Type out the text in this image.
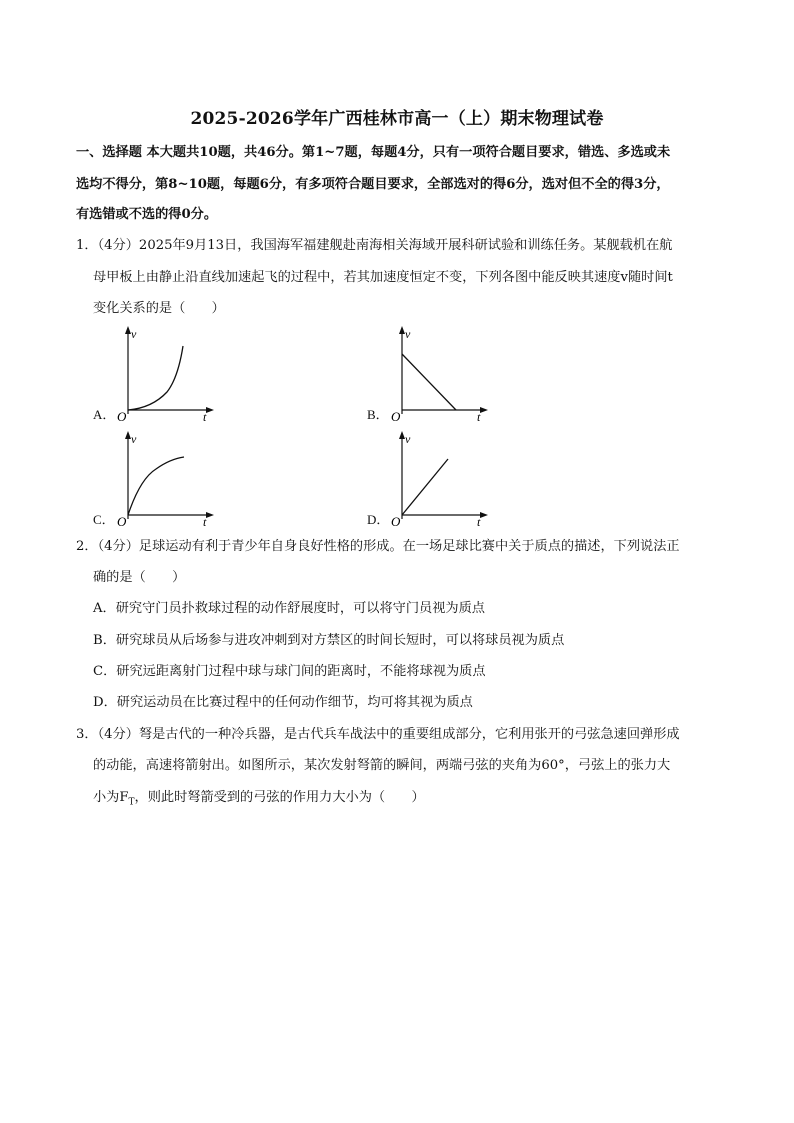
2025-2026学年广西桂林市高一（上）期末物理试卷
一、选择题 本大题共10题，共46分。第1~7题，每题4分，只有一项符合题目要求，错选、多选或未
选均不得分，第8~10题，每题6分，有多项符合题目要求，全部选对的得6分，选对但不全的得3分，
有选错或不选的得0分。
1．（4分）2025年9月13日，我国海军福建舰赴南海相关海域开展科研试验和训练任务。某舰载机在航
母甲板上由静止沿直线加速起飞的过程中，若其加速度恒定不变，下列各图中能反映其速度v随时间t
变化关系的是（　　）
A．
v
t
O	B．
v
t
O
C．
v
t
O	D．
v
t
O
2．（4分）足球运动有利于青少年自身良好性格的形成。在一场足球比赛中关于质点的描述，下列说法正
确的是（　　）
A．研究守门员扑救球过程的动作舒展度时，可以将守门员视为质点
B．研究球员从后场参与进攻冲刺到对方禁区的时间长短时，可以将球员视为质点
C．研究远距离射门过程中球与球门间的距离时，不能将球视为质点
D．研究运动员在比赛过程中的任何动作细节，均可将其视为质点
3．（4分）弩是古代的一种冷兵器，是古代兵车战法中的重要组成部分，它利用张开的弓弦急速回弹形成
的动能，高速将箭射出。如图所示，某次发射弩箭的瞬间，两端弓弦的夹角为60°，弓弦上的张力大
小为$F_T$，则此时弩箭受到的弓弦的作用力大小为（　　）
